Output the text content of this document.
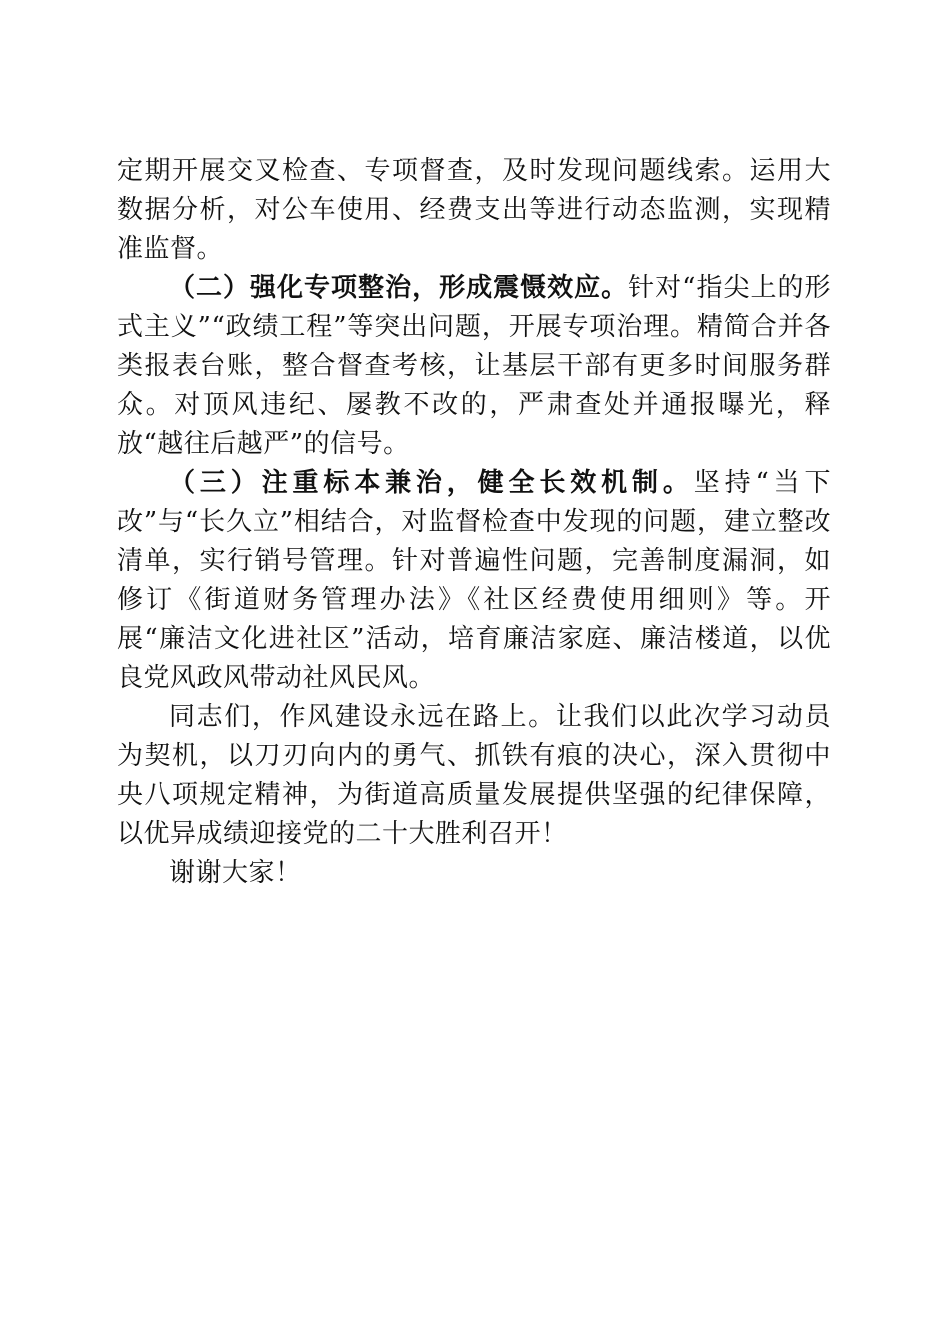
定期开展交叉检查、专项督查，及时发现问题线索。运用大数据分析，对公车使用、经费支出等进行动态监测，实现精准监督。

（二）强化专项整治，形成震慑效应。针对“指尖上的形式主义”“政绩工程”等突出问题，开展专项治理。精简合并各类报表台账，整合督查考核，让基层干部有更多时间服务群众。对顶风违纪、屡教不改的，严肃查处并通报曝光，释放“越往后越严”的信号。

（三）注重标本兼治，健全长效机制。坚持“当下改”与“长久立”相结合，对监督检查中发现的问题，建立整改清单，实行销号管理。针对普遍性问题，完善制度漏洞，如修订《街道财务管理办法》《社区经费使用细则》等。开展“廉洁文化进社区”活动，培育廉洁家庭、廉洁楼道，以优良党风政风带动社风民风。

同志们，作风建设永远在路上。让我们以此次学习动员为契机，以刀刃向内的勇气、抓铁有痕的决心，深入贯彻中央八项规定精神，为街道高质量发展提供坚强的纪律保障，以优异成绩迎接党的二十大胜利召开！

谢谢大家！
